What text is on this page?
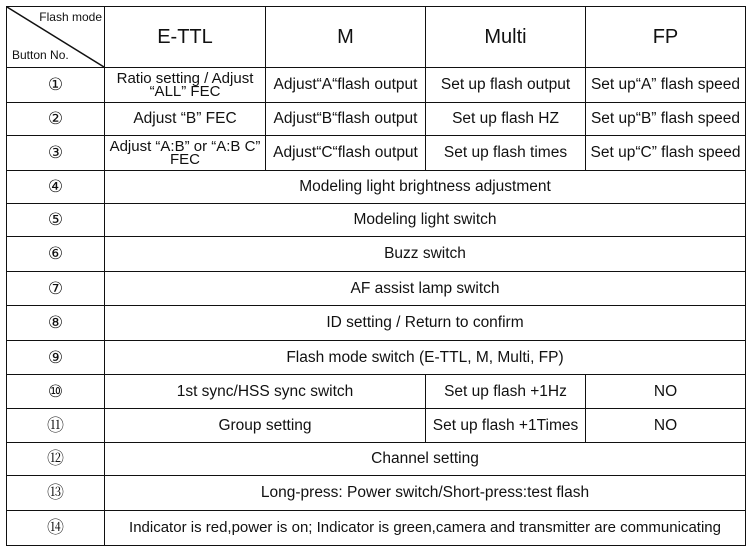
Flash mode
Button No.	E-TTL	M	Multi	FP
①	Ratio setting / Adjust “ALL” FEC	Adjust“A“flash output	Set up flash output	Set up“A” flash speed
②	Adjust “B” FEC	Adjust“B“flash output	Set up flash HZ	Set up“B” flash speed
③	Adjust “A:B” or “A:B C” FEC	Adjust“C“flash output	Set up flash times	Set up“C” flash speed
④	Modeling light brightness adjustment			
⑤	Modeling light switch			
⑥	Buzz switch			
⑦	AF assist lamp switch			
⑧	ID setting / Return to confirm			
⑨	Flash mode switch (E-TTL, M, Multi, FP)			
⑩	1st sync/HSS sync switch		Set up flash +1Hz	NO
⑪	Group setting		Set up flash +1Times	NO
⑫	Channel setting			
⑬	Long-press: Power switch/Short-press:test flash			
⑭	Indicator is red,power is on; Indicator is green,camera and transmitter are communicating			
